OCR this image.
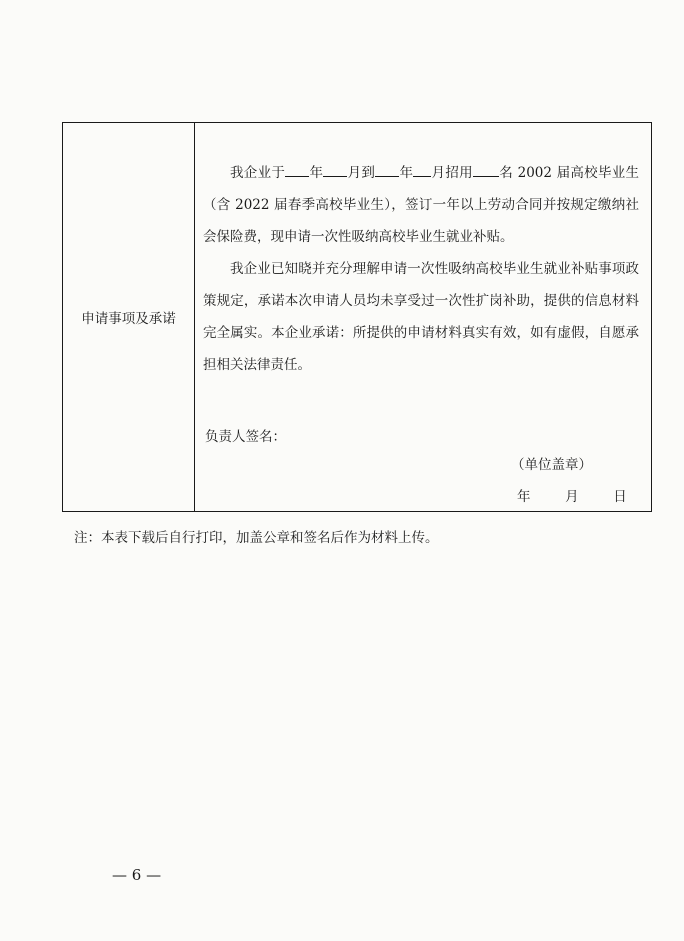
申请事项及承诺

我企业于 年 月到 年 月招用 名 2002 届高校毕业生（含 2022 届春季高校毕业生），签订一年以上劳动合同并按规定缴纳社会保险费，现申请一次性吸纳高校毕业生就业补贴。

我企业已知晓并充分理解申请一次性吸纳高校毕业生就业补贴事项政策规定，承诺本次申请人员均未享受过一次性扩岗补助，提供的信息材料完全属实。本企业承诺：所提供的申请材料真实有效，如有虚假，自愿承担相关法律责任。

负责人签名：
（单位盖章）
年	月	日
注：本表下载后自行打印，加盖公章和签名后作为材料上传。
— 6 —
